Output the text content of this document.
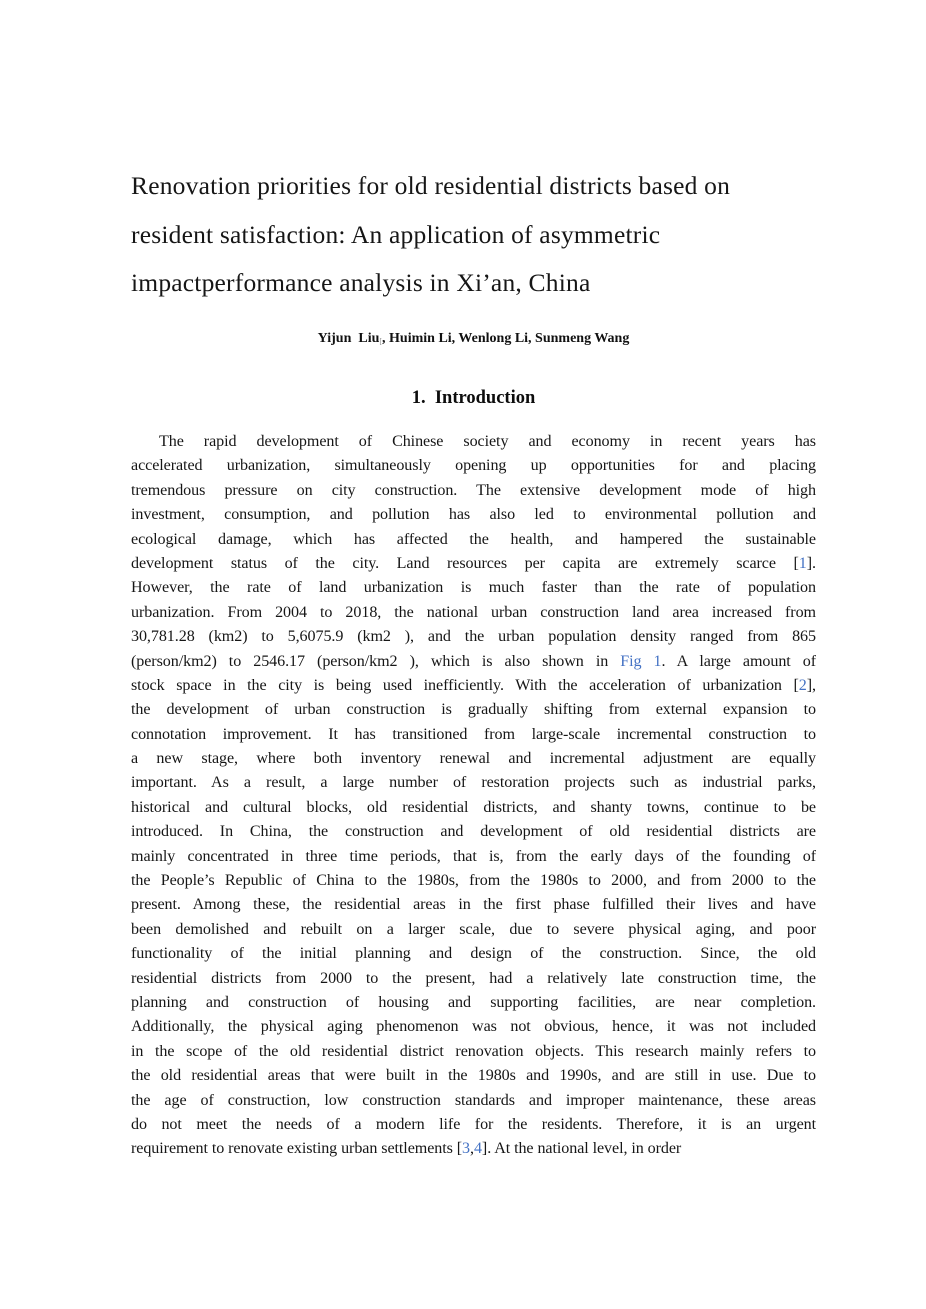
Renovation priorities for old residential districts based on
resident satisfaction: An application of asymmetric
impactperformance analysis in Xi’an, China

Yijun  Liu[, Huimin Li, Wenlong Li, Sunmeng Wang

1.  Introduction
The rapid development of Chinese society and economy in recent years has
accelerated urbanization, simultaneously opening up opportunities for and placing
tremendous pressure on city construction. The extensive development mode of high
investment, consumption, and pollution has also led to environmental pollution and
ecological damage, which has affected the health, and hampered the sustainable
development status of the city. Land resources per capita are extremely scarce [1].
However, the rate of land urbanization is much faster than the rate of population
urbanization. From 2004 to 2018, the national urban construction land area increased from
30,781.28 (km2) to 5,6075.9 (km2 ), and the urban population density ranged from 865
(person/km2) to 2546.17 (person/km2 ), which is also shown in Fig 1. A large amount of
stock space in the city is being used inefficiently. With the acceleration of urbanization [2],
the development of urban construction is gradually shifting from external expansion to
connotation improvement. It has transitioned from large-scale incremental construction to
a new stage, where both inventory renewal and incremental adjustment are equally
important. As a result, a large number of restoration projects such as industrial parks,
historical and cultural blocks, old residential districts, and shanty towns, continue to be
introduced. In China, the construction and development of old residential districts are
mainly concentrated in three time periods, that is, from the early days of the founding of
the People’s Republic of China to the 1980s, from the 1980s to 2000, and from 2000 to the
present. Among these, the residential areas in the first phase fulfilled their lives and have
been demolished and rebuilt on a larger scale, due to severe physical aging, and poor
functionality of the initial planning and design of the construction. Since, the old
residential districts from 2000 to the present, had a relatively late construction time, the
planning and construction of housing and supporting facilities, are near completion.
Additionally, the physical aging phenomenon was not obvious, hence, it was not included
in the scope of the old residential district renovation objects. This research mainly refers to
the old residential areas that were built in the 1980s and 1990s, and are still in use. Due to
the age of construction, low construction standards and improper maintenance, these areas
do not meet the needs of a modern life for the residents. Therefore, it is an urgent
requirement to renovate existing urban settlements [3,4]. At the national level, in order
